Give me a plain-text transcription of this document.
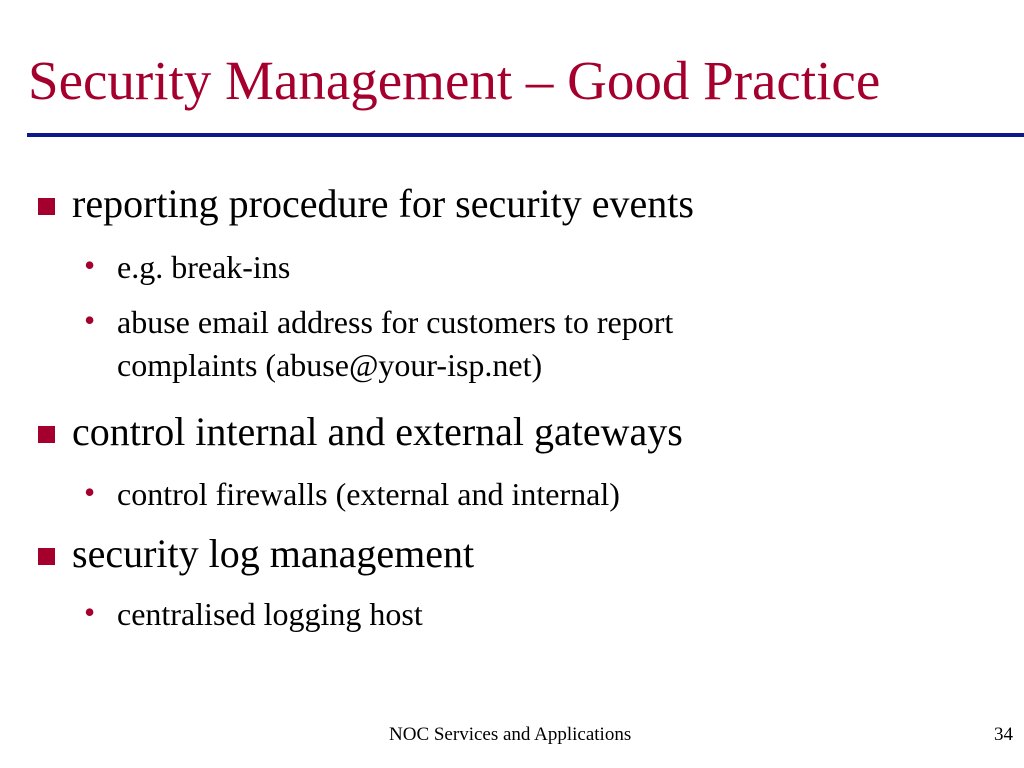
Security Management – Good Practice
reporting procedure for security events
• e.g. break-ins
• abuse email address for customers to report
complaints (abuse@your-isp.net)
control internal and external gateways
• control firewalls (external and internal)
security log management
• centralised logging host
NOC Services and Applications	34
